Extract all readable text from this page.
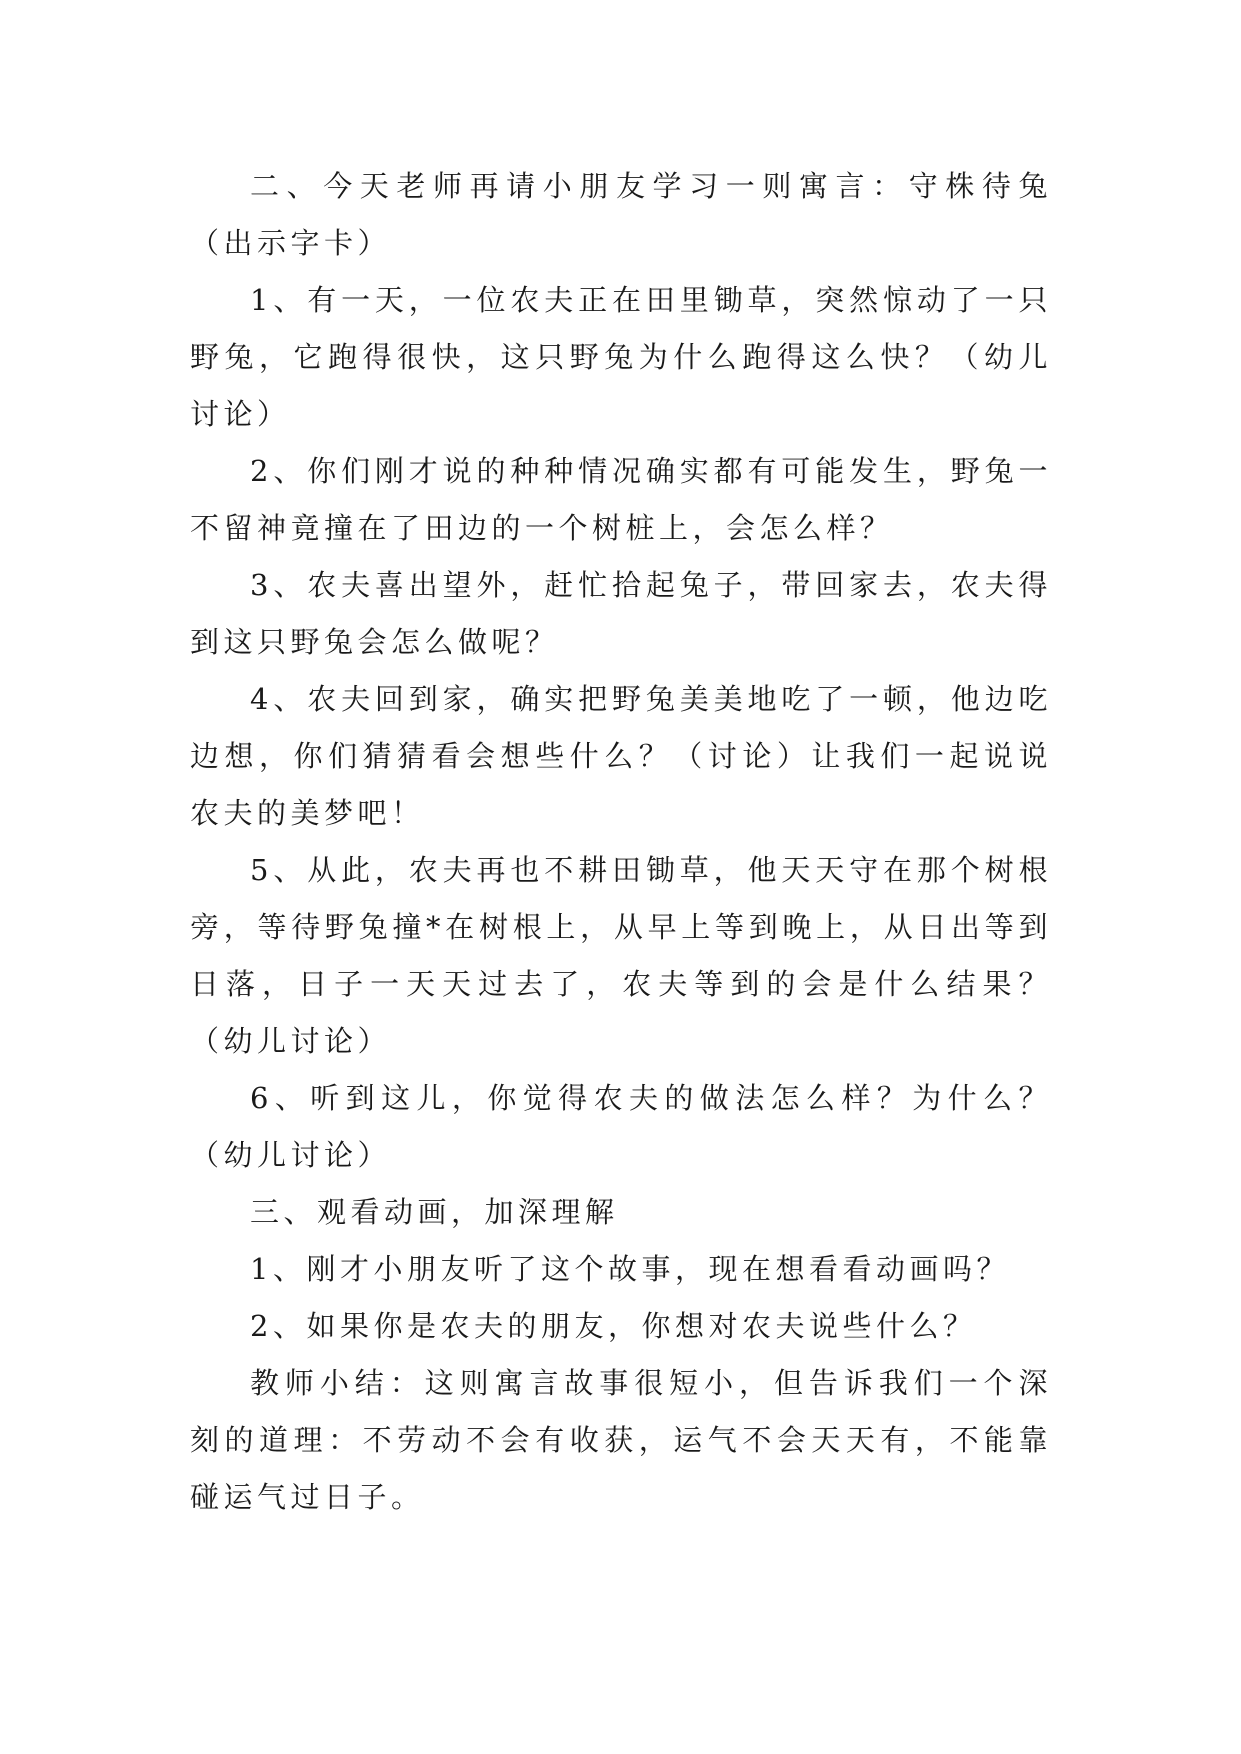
二、今天老师再请小朋友学习一则寓言：守株待兔（出示字卡）

1、有一天，一位农夫正在田里锄草，突然惊动了一只野兔，它跑得很快，这只野兔为什么跑得这么快？（幼儿讨论）

2、你们刚才说的种种情况确实都有可能发生，野兔一不留神竟撞在了田边的一个树桩上，会怎么样？

3、农夫喜出望外，赶忙拾起兔子，带回家去，农夫得到这只野兔会怎么做呢？

4、农夫回到家，确实把野兔美美地吃了一顿，他边吃边想，你们猜猜看会想些什么？（讨论）让我们一起说说农夫的美梦吧！

5、从此，农夫再也不耕田锄草，他天天守在那个树根旁，等待野兔撞*在树根上，从早上等到晚上，从日出等到日落，日子一天天过去了，农夫等到的会是什么结果？（幼儿讨论）

6、听到这儿，你觉得农夫的做法怎么样？为什么？（幼儿讨论）

三、观看动画，加深理解

1、刚才小朋友听了这个故事，现在想看看动画吗？

2、如果你是农夫的朋友，你想对农夫说些什么？

教师小结：这则寓言故事很短小，但告诉我们一个深刻的道理：不劳动不会有收获，运气不会天天有，不能靠碰运气过日子。
